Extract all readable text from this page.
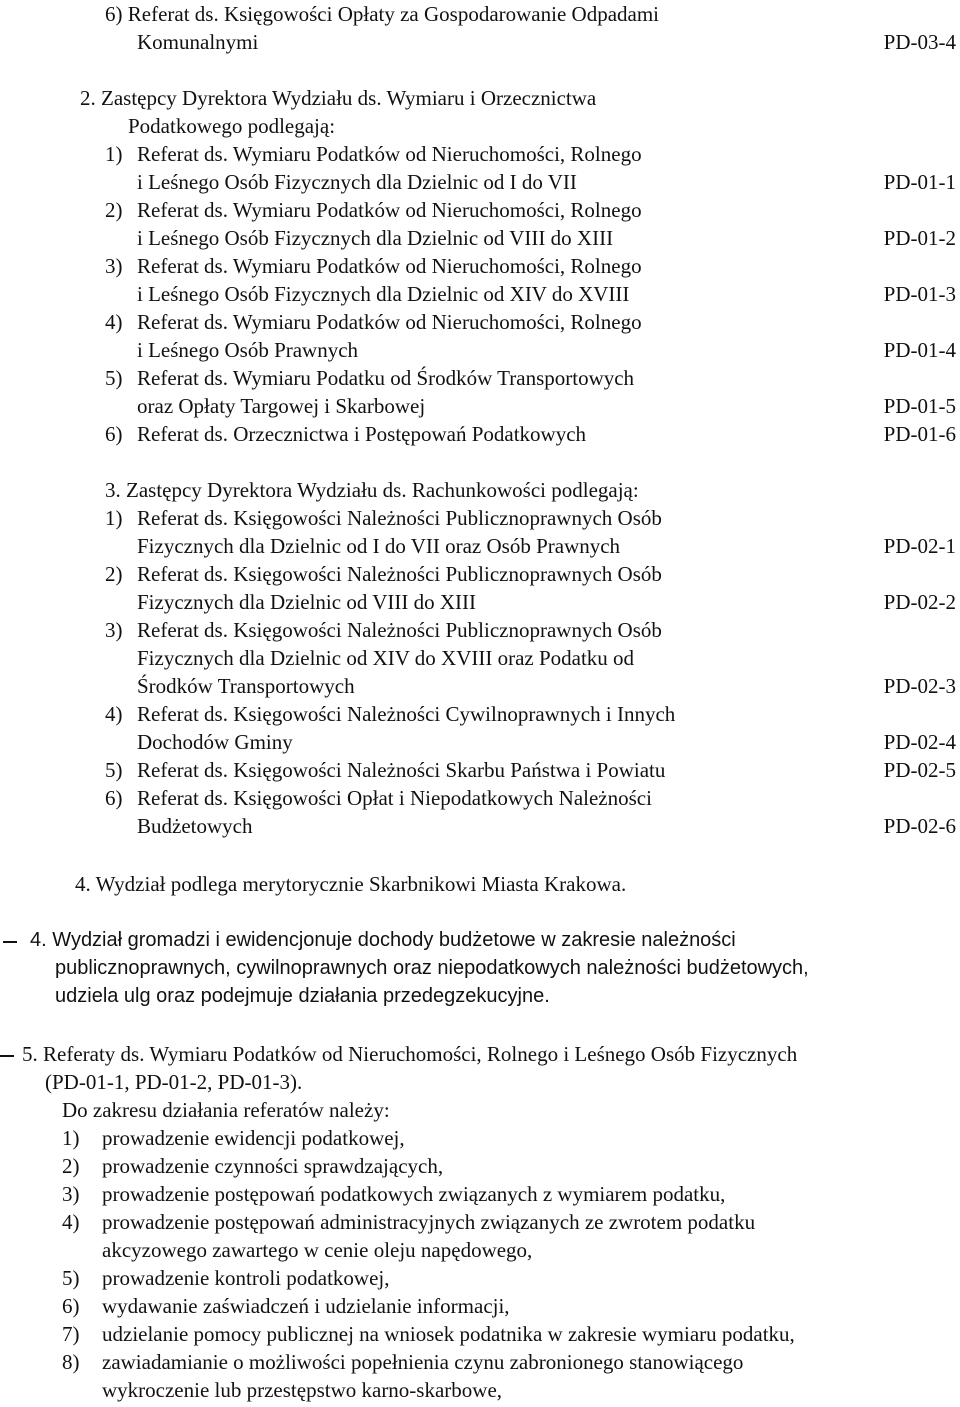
6) Referat ds. Księgowości Opłaty za Gospodarowanie Odpadami
Komunalnymi	PD-03-4
2. Zastępcy Dyrektora Wydziału ds. Wymiaru i Orzecznictwa
Podatkowego podlegają:
1) Referat ds. Wymiaru Podatków od Nieruchomości, Rolnego
i Leśnego Osób Fizycznych dla Dzielnic od I do VII	PD-01-1
2) Referat ds. Wymiaru Podatków od Nieruchomości, Rolnego
i Leśnego Osób Fizycznych dla Dzielnic od VIII do XIII	PD-01-2
3) Referat ds. Wymiaru Podatków od Nieruchomości, Rolnego
i Leśnego Osób Fizycznych dla Dzielnic od XIV do XVIII	PD-01-3
4) Referat ds. Wymiaru Podatków od Nieruchomości, Rolnego
i Leśnego Osób Prawnych	PD-01-4
5) Referat ds. Wymiaru Podatku od Środków Transportowych
oraz Opłaty Targowej i Skarbowej	PD-01-5
6) Referat ds. Orzecznictwa i Postępowań Podatkowych	PD-01-6
3. Zastępcy Dyrektora Wydziału ds. Rachunkowości podlegają:
1) Referat ds. Księgowości Należności Publicznoprawnych Osób
Fizycznych dla Dzielnic od I do VII oraz Osób Prawnych	PD-02-1
2) Referat ds. Księgowości Należności Publicznoprawnych Osób
Fizycznych dla Dzielnic od VIII do XIII	PD-02-2
3) Referat ds. Księgowości Należności Publicznoprawnych Osób
Fizycznych dla Dzielnic od XIV do XVIII oraz Podatku od
Środków Transportowych	PD-02-3
4) Referat ds. Księgowości Należności Cywilnoprawnych i Innych
Dochodów Gminy	PD-02-4
5) Referat ds. Księgowości Należności Skarbu Państwa i Powiatu	PD-02-5
6) Referat ds. Księgowości Opłat i Niepodatkowych Należności
Budżetowych	PD-02-6
4. Wydział podlega merytorycznie Skarbnikowi Miasta Krakowa.
4. Wydział gromadzi i ewidencjonuje dochody budżetowe w zakresie należności
publicznoprawnych, cywilnoprawnych oraz niepodatkowych należności budżetowych,
udziela ulg oraz podejmuje działania przedegzekucyjne.
5. Referaty ds. Wymiaru Podatków od Nieruchomości, Rolnego i Leśnego Osób Fizycznych
(PD-01-1, PD-01-2, PD-01-3).
Do zakresu działania referatów należy:
1) prowadzenie ewidencji podatkowej,
2) prowadzenie czynności sprawdzających,
3) prowadzenie postępowań podatkowych związanych z wymiarem podatku,
4) prowadzenie postępowań administracyjnych związanych ze zwrotem podatku
akcyzowego zawartego w cenie oleju napędowego,
5) prowadzenie kontroli podatkowej,
6) wydawanie zaświadczeń i udzielanie informacji,
7) udzielanie pomocy publicznej na wniosek podatnika w zakresie wymiaru podatku,
8) zawiadamianie o możliwości popełnienia czynu zabronionego stanowiącego
wykroczenie lub przestępstwo karno-skarbowe,
